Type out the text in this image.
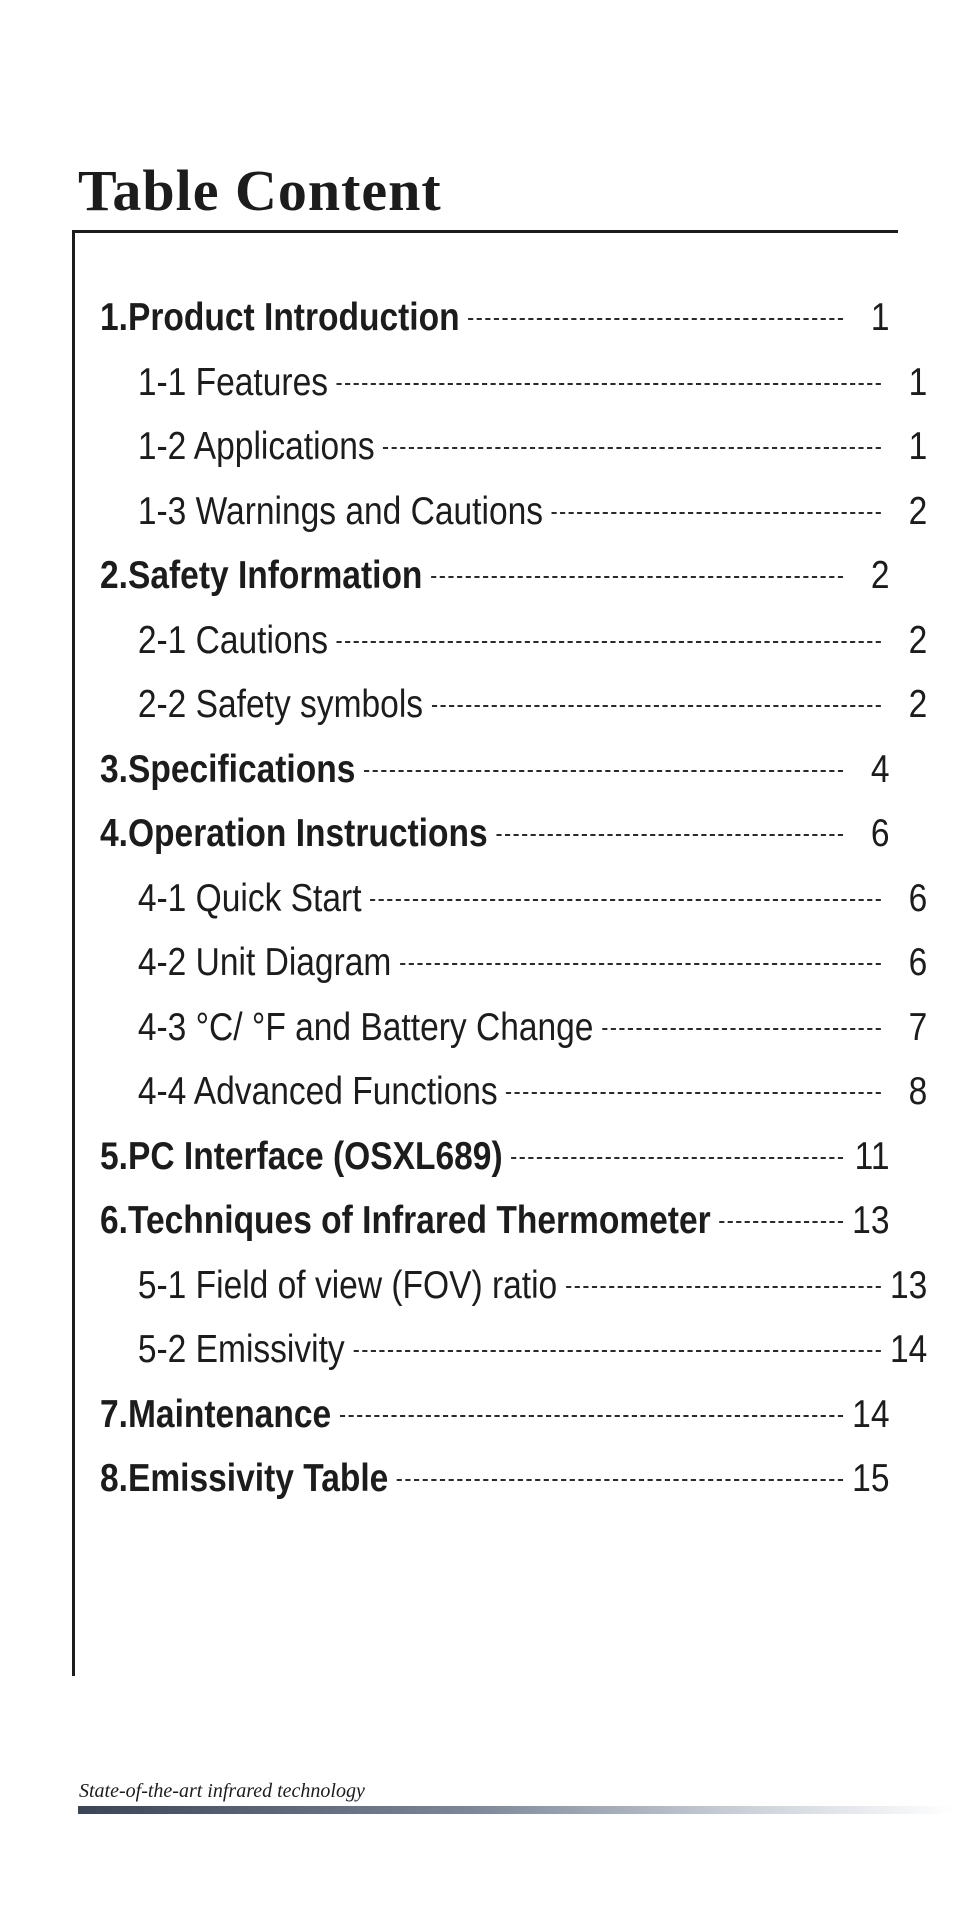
Table Content
1.Product Introduction	1
1-1 Features	1
1-2 Applications	1
1-3 Warnings and Cautions	2
2.Safety Information	2
2-1 Cautions	2
2-2 Safety symbols	2
3.Specifications	4
4.Operation Instructions	6
4-1 Quick Start	6
4-2 Unit Diagram	6
4-3 °C/ °F and Battery Change	7
4-4 Advanced Functions	8
5.PC Interface (OSXL689)	11
6.Techniques of Infrared Thermometer	13
5-1 Field of view (FOV) ratio	13
5-2 Emissivity	14
7.Maintenance	14
8.Emissivity Table	15
State-of-the-art infrared technology
